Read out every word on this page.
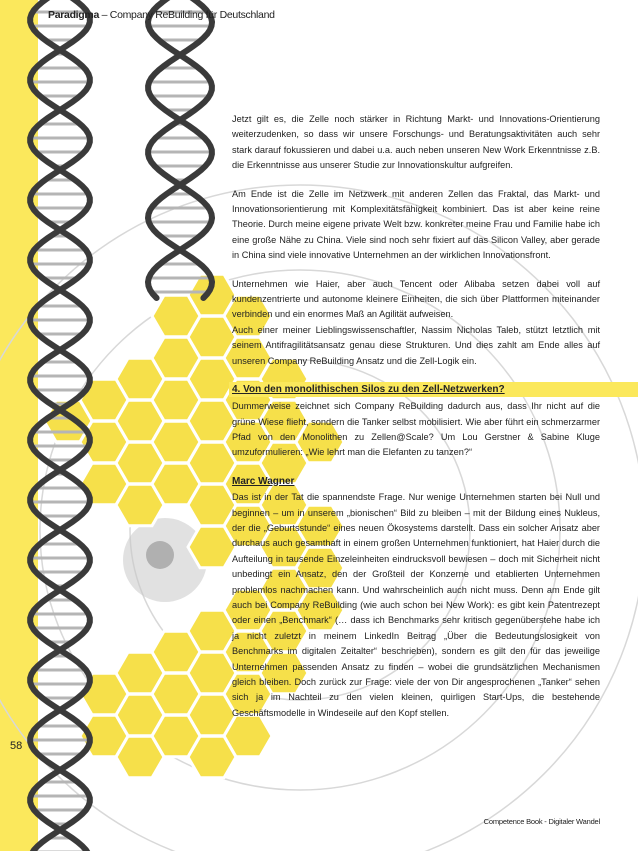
Paradigma – Company ReBuilding für Deutschland

Jetzt gilt es, die Zelle noch stärker in Richtung Markt- und Innovations-Orientierung weiterzudenken, so dass wir unsere Forschungs- und Beratungsaktivitäten auch sehr stark darauf fokussieren und dabei u.a. auch neben unseren New Work Erkenntnisse z.B. die Erkenntnisse aus unserer Studie zur Innovationskultur aufgreifen.

Am Ende ist die Zelle im Netzwerk mit anderen Zellen das Fraktal, das Markt- und Innovationsorientierung mit Komplexitätsfähigkeit kombiniert. Das ist aber keine reine Theorie. Durch meine eigene private Welt bzw. konkreter meine Frau und Familie habe ich eine große Nähe zu China. Viele sind noch sehr fixiert auf das Silicon Valley, aber gerade in China sind viele innovative Unternehmen an der wirklichen Innovationsfront.

Unternehmen wie Haier, aber auch Tencent oder Alibaba setzen dabei voll auf kundenzentrierte und autonome kleinere Einheiten, die sich über Plattformen miteinander verbinden und ein enormes Maß an Agilität aufweisen.

Auch einer meiner Lieblingswissenschaftler, Nassim Nicholas Taleb, stützt letztlich mit seinem Antifragilitätsansatz genau diese Strukturen. Und dies zahlt am Ende alles auf unseren Company ReBuilding Ansatz und die Zell-Logik ein.

4. Von den monolithischen Silos zu den Zell-Netzwerken?

Dummerweise zeichnet sich Company ReBuilding dadurch aus, dass Ihr nicht auf die grüne Wiese flieht, sondern die Tanker selbst mobilisiert. Wie aber führt ein schmerzarmer Pfad von den Monolithen zu Zellen@Scale? Um Lou Gerstner & Sabine Kluge umzuformulieren: „Wie lehrt man die Elefanten zu tanzen?“

Marc Wagner

Das ist in der Tat die spannendste Frage. Nur wenige Unternehmen starten bei Null und beginnen – um in unserem „bionischen“ Bild zu bleiben – mit der Bildung eines Nukleus, der die „Geburtsstunde“ eines neuen Ökosystems darstellt. Dass ein solcher Ansatz aber durchaus auch gesamthaft in einem großen Unternehmen funktioniert, hat Haier durch die Aufteilung in tausende Einzeleinheiten eindrucksvoll bewiesen – doch mit Sicherheit nicht unbedingt ein Ansatz, den der Großteil der Konzerne und etablierten Unternehmen problemlos nachmachen kann. Und wahrscheinlich auch nicht muss. Denn am Ende gilt auch bei Company ReBuilding (wie auch schon bei New Work): es gibt kein Patentrezept oder einen „Benchmark“ (… dass ich Benchmarks sehr kritisch gegenüberstehe habe ich ja nicht zuletzt in meinem LinkedIn Beitrag „Über die Bedeutungslosigkeit von Benchmarks im digitalen Zeitalter“ beschrieben), sondern es gilt den für das jeweilige Unternehmen passenden Ansatz zu finden – wobei die grundsätzlichen Mechanismen gleich bleiben. Doch zurück zur Frage: viele der von Dir angesprochenen „Tanker“ sehen sich ja im Nachteil zu den vielen kleinen, quirligen Start-Ups, die bestehende Geschäftsmodelle in Windeseile auf den Kopf stellen.

58
Competence Book - Digitaler Wandel
